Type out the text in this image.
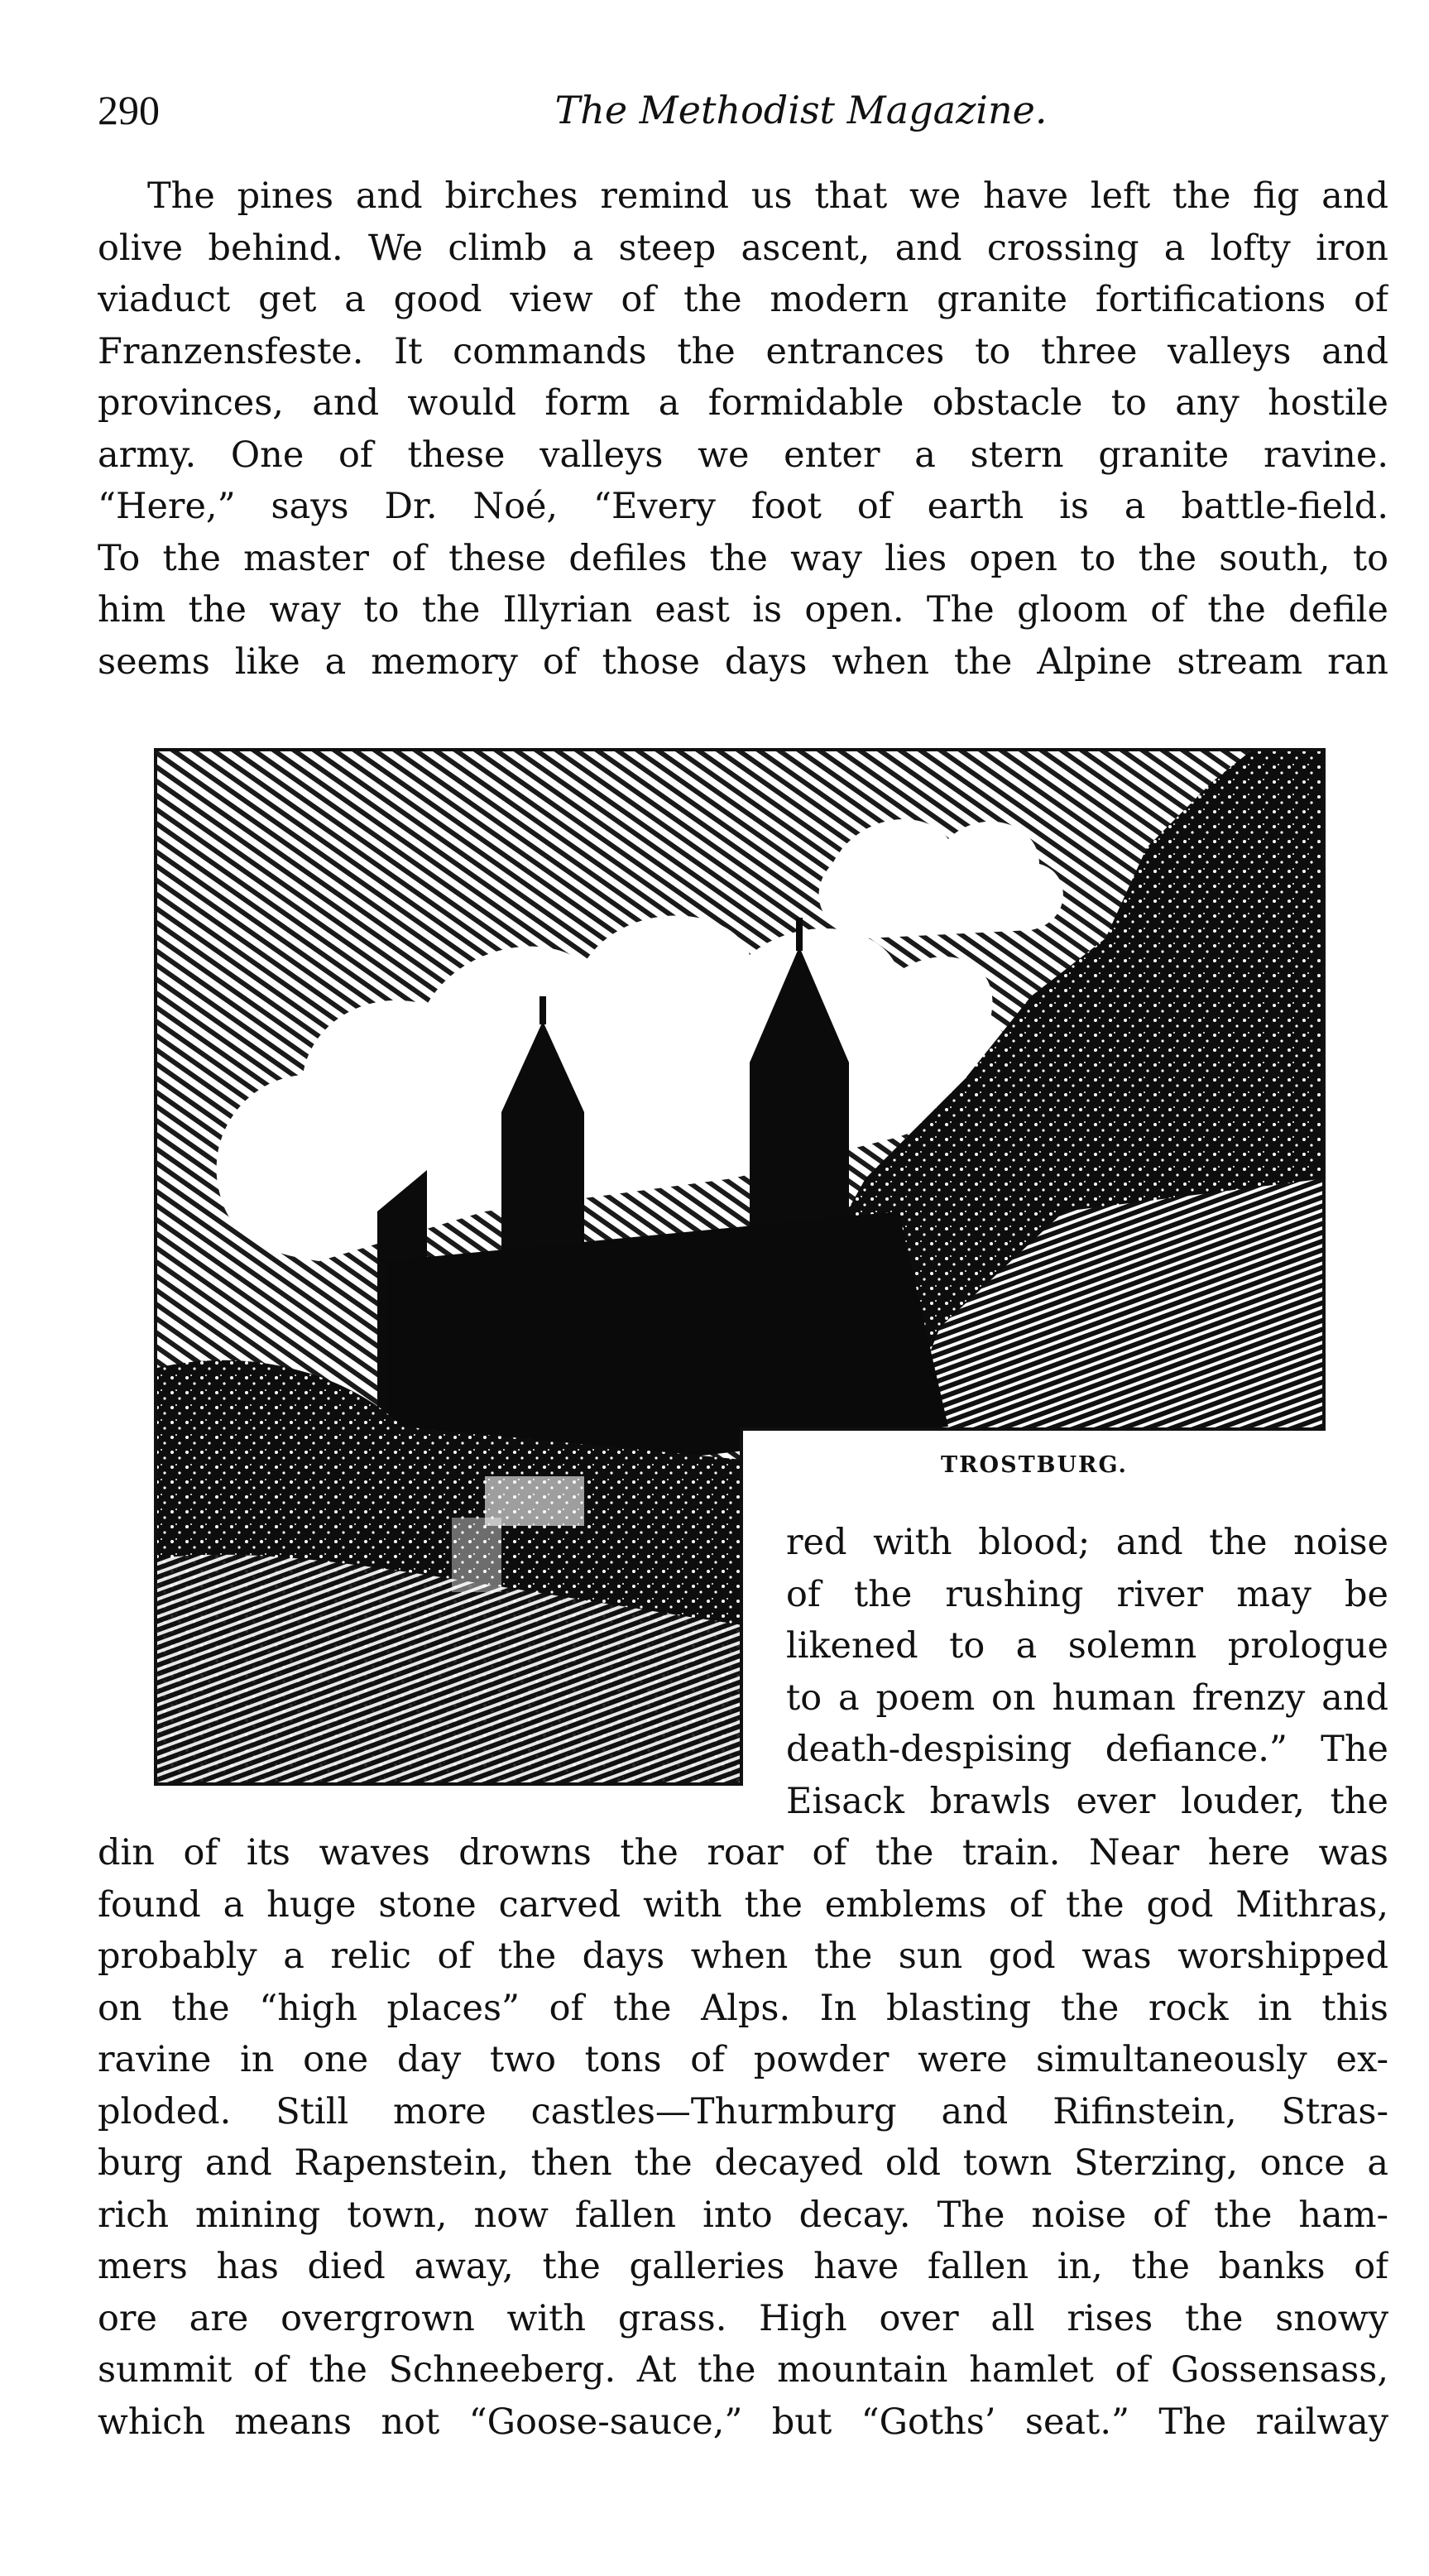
290	The Methodist Magazine.
The pines and birches remind us that we have left the fig and
olive behind. We climb a steep ascent, and crossing a lofty iron
viaduct get a good view of the modern granite fortifications of
Franzensfeste. It commands the entrances to three valleys and
provinces, and would form a formidable obstacle to any hostile
army. One of these valleys we enter a stern granite ravine.
“Here,” says Dr. Noé, “Every foot of earth is a battle-field.
To the master of these defiles the way lies open to the south, to
him the way to the Illyrian east is open. The gloom of the defile
seems like a memory of those days when the Alpine stream ran
TROSTBURG.
red with blood; and the noise
of the rushing river may be
likened to a solemn prologue
to a poem on human frenzy and
death-despising defiance.” The
Eisack brawls ever louder, the
din of its waves drowns the roar of the train. Near here was
found a huge stone carved with the emblems of the god Mithras,
probably a relic of the days when the sun god was worshipped
on the “high places” of the Alps. In blasting the rock in this
ravine in one day two tons of powder were simultaneously ex-
ploded. Still more castles—Thurmburg and Rifinstein, Stras-
burg and Rapenstein, then the decayed old town Sterzing, once a
rich mining town, now fallen into decay. The noise of the ham-
mers has died away, the galleries have fallen in, the banks of
ore are overgrown with grass. High over all rises the snowy
summit of the Schneeberg. At the mountain hamlet of Gossensass,
which means not “Goose-sauce,” but “Goths’ seat.” The railway
